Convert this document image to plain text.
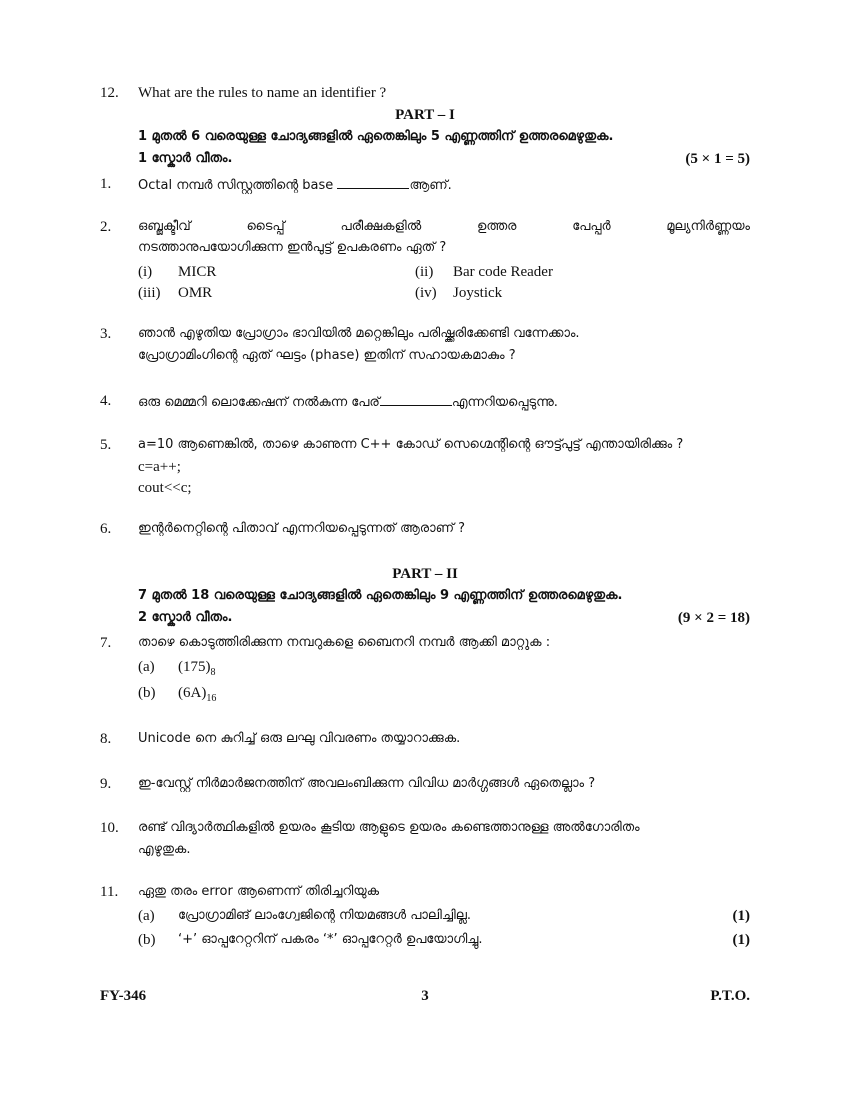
12. What are the rules to name an identifier ?
PART – I
1 മുതൽ 6 വരെയുള്ള ചോദ്യങ്ങളിൽ ഏതെങ്കിലും 5 എണ്ണത്തിന് ഉത്തരമെഴുതുക.
1 സ്കോർ വീതം.	(5 × 1 = 5)
1. Octal നമ്പർ സിസ്റ്റത്തിന്റെ base	ആണ്.
2. ഒബ്ജക്ടീവ്	ടൈപ്പ്	പരീക്ഷകളിൽ	ഉത്തര	പേപ്പർ	മൂല്യനിർണ്ണയം
നടത്താനുപയോഗിക്കുന്ന ഇൻപുട്ട് ഉപകരണം ഏത് ?
(i) MICR	(ii) Bar code Reader
(iii) OMR	(iv) Joystick
3. ഞാൻ എഴുതിയ പ്രോഗ്രാം ഭാവിയിൽ മറ്റെങ്കിലും പരിഷ്ക്കരിക്കേണ്ടി വന്നേക്കാം.
പ്രോഗ്രാമിംഗിന്റെ ഏത് ഘട്ടം (phase) ഇതിന് സഹായകമാകും ?
4. ഒരു മെമ്മറി ലൊക്കേഷന് നൽകുന്ന പേര്	എന്നറിയപ്പെടുന്നു.
5. a=10 ആണെങ്കിൽ, താഴെ കാണുന്ന C++ കോഡ് സെഗ്മെന്റിന്റെ ഔട്ട്പുട്ട് എന്തായിരിക്കും ?
c=a++;
cout<<c;
6. ഇന്റർനെറ്റിന്റെ പിതാവ് എന്നറിയപ്പെടുന്നത് ആരാണ് ?
PART – II
7 മുതൽ 18 വരെയുള്ള ചോദ്യങ്ങളിൽ ഏതെങ്കിലും 9 എണ്ണത്തിന് ഉത്തരമെഴുതുക.
2 സ്കോർ വീതം.	(9 × 2 = 18)
7. താഴെ കൊടുത്തിരിക്കുന്ന നമ്പറുകളെ ബൈനറി നമ്പർ ആക്കി മാറ്റുക :
(a) $(175)_8$
(b) $(6A)_{16}$
8. Unicode നെ കുറിച്ച് ഒരു ലഘു വിവരണം തയ്യാറാക്കുക.
9. ഇ-വേസ്റ്റ് നിർമാർജനത്തിന് അവലംബിക്കുന്ന വിവിധ മാർഗ്ഗങ്ങൾ ഏതെല്ലാം ?
10. രണ്ട് വിദ്യാർത്ഥികളിൽ ഉയരം കൂടിയ ആളുടെ ഉയരം കണ്ടെത്താനുള്ള അൽഗോരിതം
എഴുതുക.
11. ഏതു തരം error ആണെന്ന് തിരിച്ചറിയുക
(a) പ്രോഗ്രാമിങ് ലാംഗ്വേജിന്റെ നിയമങ്ങൾ പാലിച്ചില്ല.	(1)
(b) ‘+’ ഓപ്പറേറ്ററിന് പകരം ‘*’ ഓപ്പറേറ്റർ ഉപയോഗിച്ചു.	(1)
FY-346	3	P.T.O.
